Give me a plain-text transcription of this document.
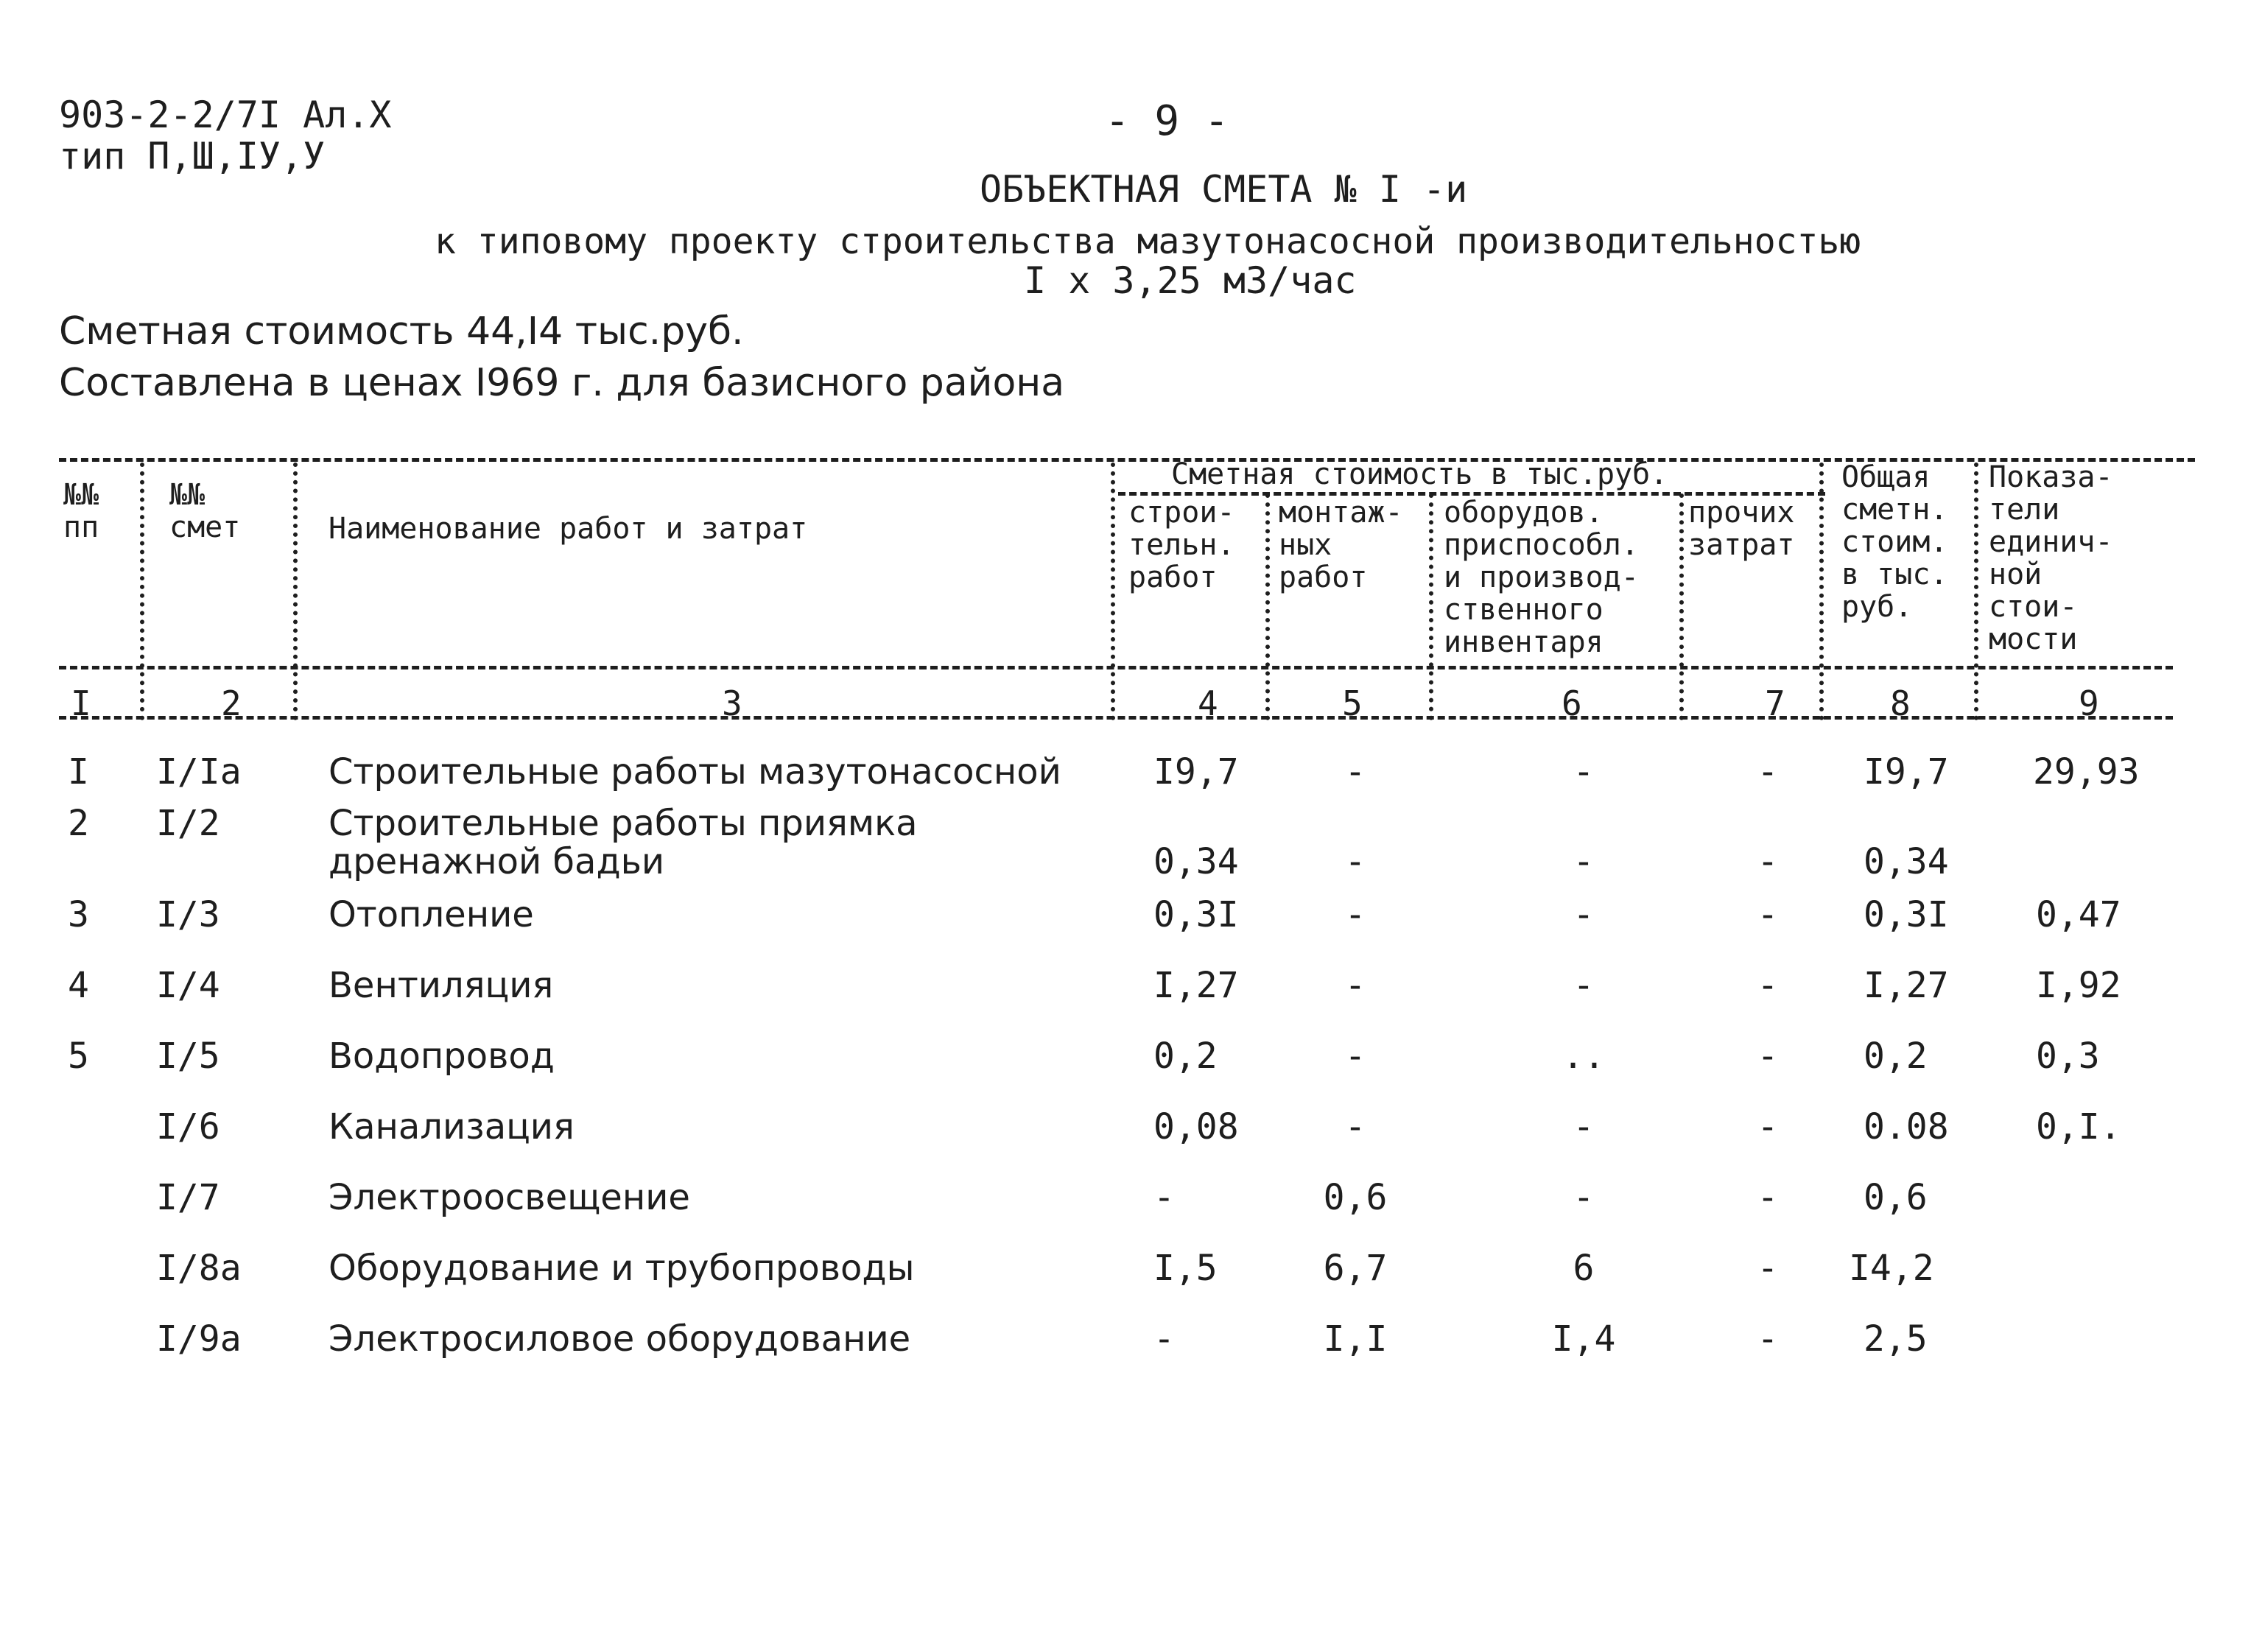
903-2-2/7I Ал.X
тип П,Ш,IУ,У
- 9 -
ОБЪЕКТНАЯ СМЕТА № I -и
к типовому проекту строительства мазутонасосной производительностью
I x 3,25 м3/час
Сметная стоимость 44,I4 тыс.руб.
Составлена в ценах I969 г. для базисного района
№№
пп
№№
смет	Наименование работ и затрат
Сметная стоимость в тыс.руб.
строи-
тельн.
работ
монтаж-
ных
работ
оборудов.
приспособл.
и производ-
ственного
инвентаря
прочих
затрат
Общая
сметн.
стоим.
в тыс.
руб.
Показа-
тели
единич-
ной
стои-
мости
I	2	3	4	5	6	7	8	9
I I/Iа Строительные работы мазутонасосной	I9,7	-	-	-	I9,7 29,93
2 I/2	Строительные работы приямка
дренажной бадьи	0,34	-	-	-	0,34
3 I/3	Отопление	0,3I	-	-	-	0,3I 0,47
4 I/4	Вентиляция	I,27	-	-	-	I,27 I,92
5 I/5	Водопровод	0,2	-	..	-	0,2	0,3
I/6	Канализация	0,08	-	-	-	0.08 0,I.
I/7	Электроосвещение	-	0,6	-	-	0,6
I/8а Оборудование и трубопроводы	I,5	6,7	6	-	I4,2
I/9а Электросиловое оборудование	-	I,I	I,4	-	2,5
